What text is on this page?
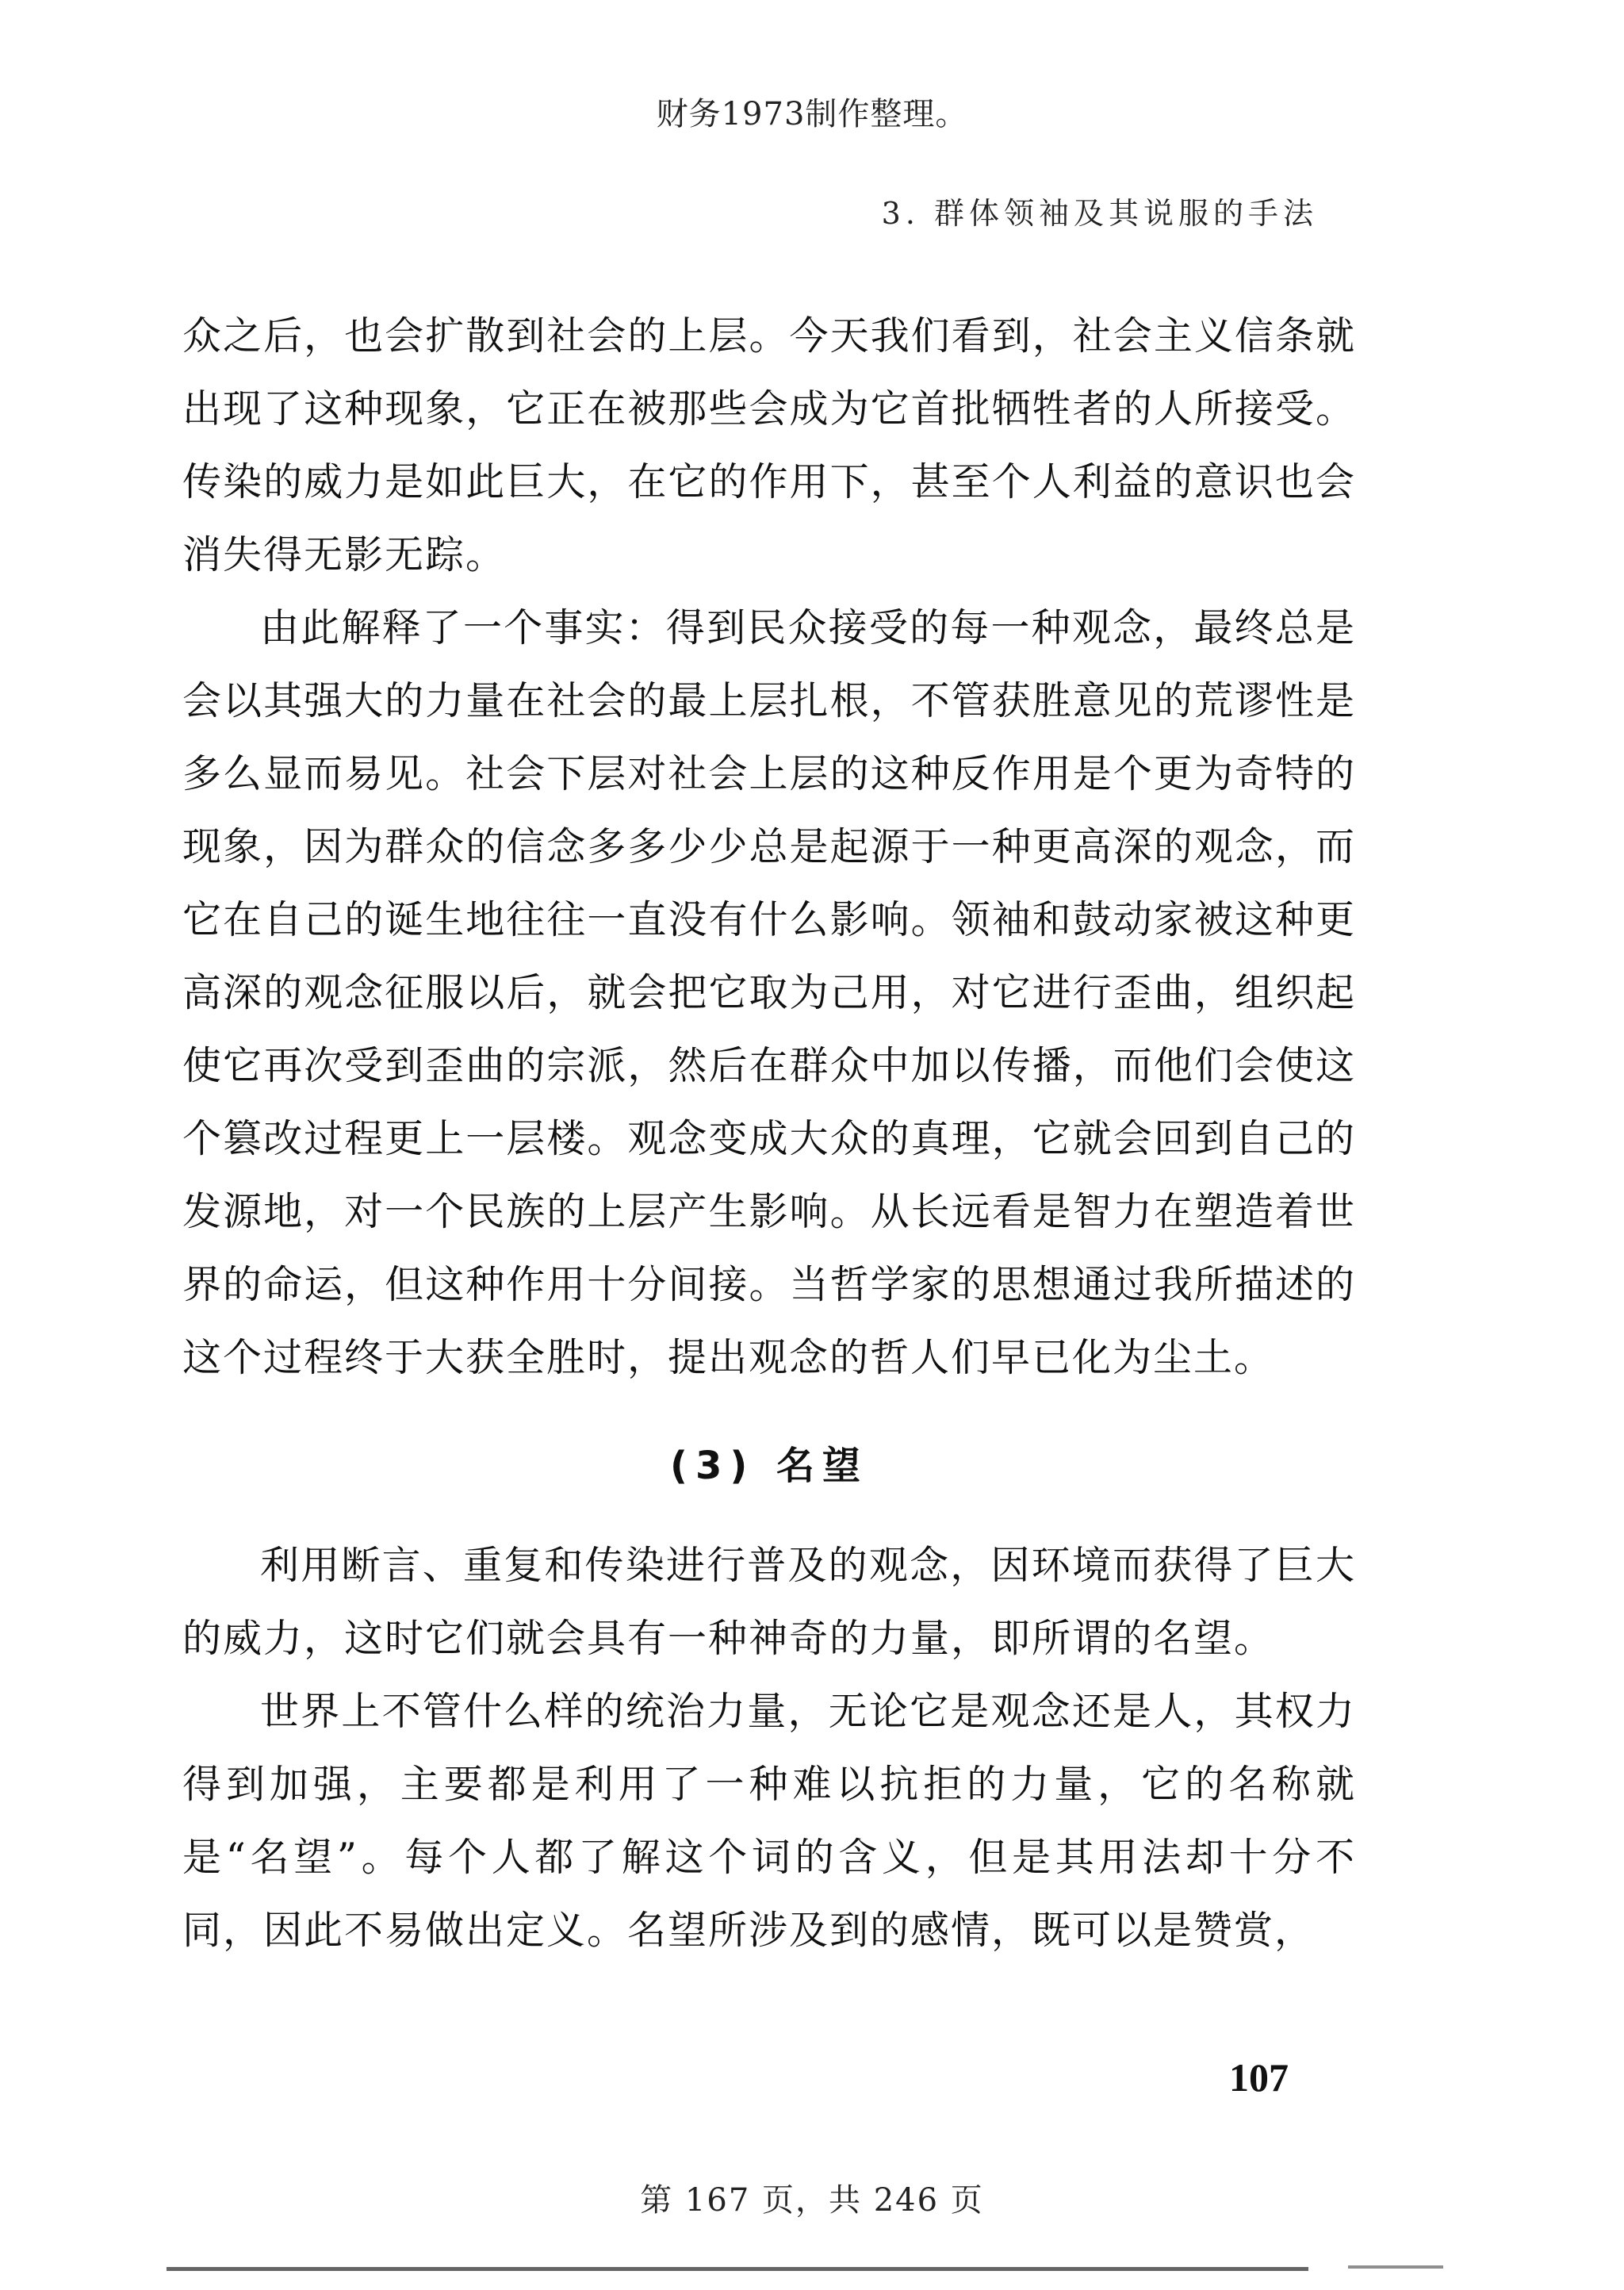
财务1973制作整理。
3. 群体领袖及其说服的手法

众之后，也会扩散到社会的上层。今天我们看到，社会主义信条就出现了这种现象，它正在被那些会成为它首批牺牲者的人所接受。传染的威力是如此巨大，在它的作用下，甚至个人利益的意识也会消失得无影无踪。

由此解释了一个事实：得到民众接受的每一种观念，最终总是会以其强大的力量在社会的最上层扎根，不管获胜意见的荒谬性是多么显而易见。社会下层对社会上层的这种反作用是个更为奇特的现象，因为群众的信念多多少少总是起源于一种更高深的观念，而它在自己的诞生地往往一直没有什么影响。领袖和鼓动家被这种更高深的观念征服以后，就会把它取为己用，对它进行歪曲，组织起使它再次受到歪曲的宗派，然后在群众中加以传播，而他们会使这个篡改过程更上一层楼。观念变成大众的真理，它就会回到自己的发源地，对一个民族的上层产生影响。从长远看是智力在塑造着世界的命运，但这种作用十分间接。当哲学家的思想通过我所描述的这个过程终于大获全胜时，提出观念的哲人们早已化为尘土。

(3) 名望

利用断言、重复和传染进行普及的观念，因环境而获得了巨大的威力，这时它们就会具有一种神奇的力量，即所谓的名望。

世界上不管什么样的统治力量，无论它是观念还是人，其权力得到加强，主要都是利用了一种难以抗拒的力量，它的名称就是“名望”。每个人都了解这个词的含义，但是其用法却十分不同，因此不易做出定义。名望所涉及到的感情，既可以是赞赏，

107
第 167 页，共 246 页
